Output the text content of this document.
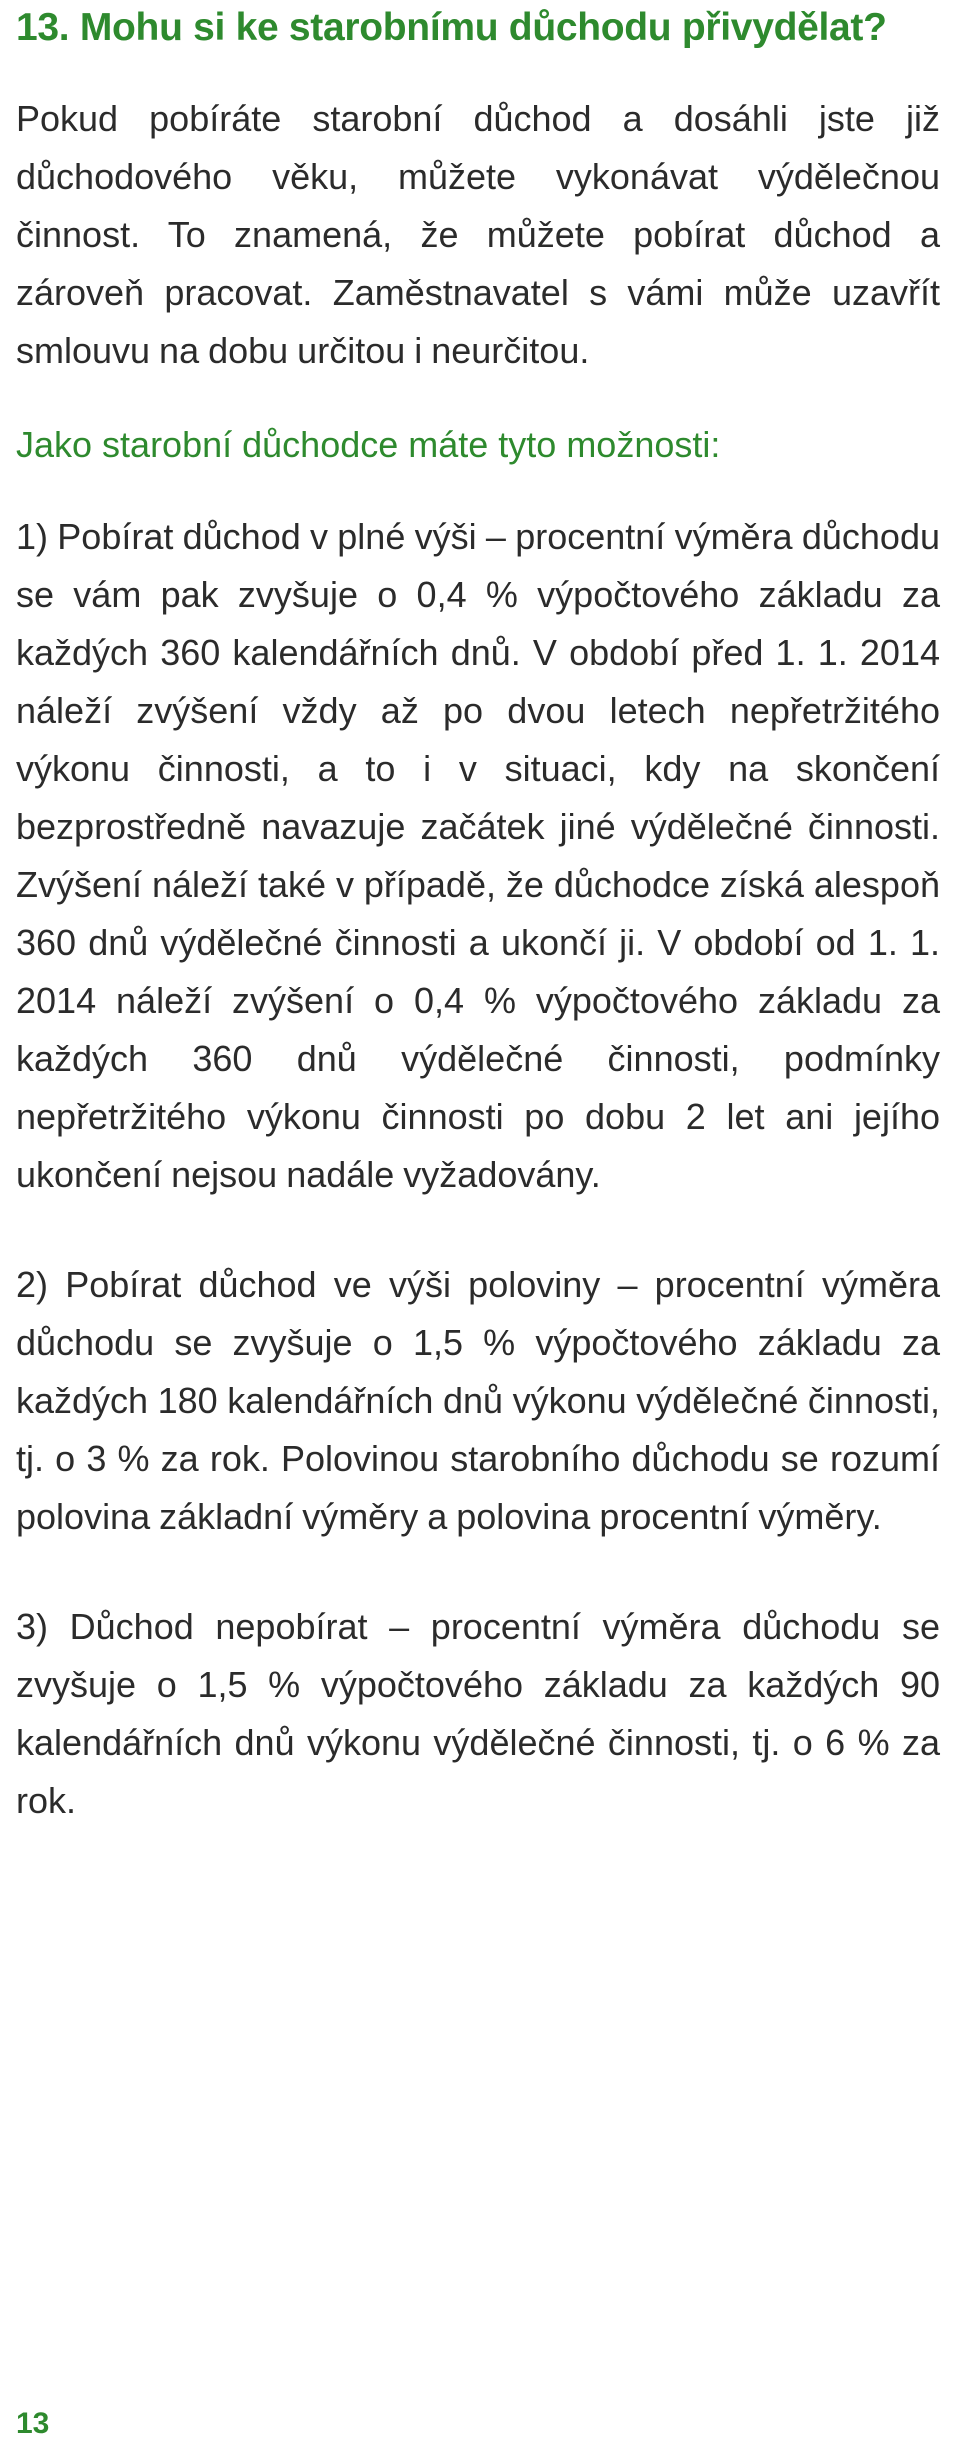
13. Mohu si ke starobnímu důchodu přivydělat?

Pokud pobíráte starobní důchod a dosáhli jste již důchodového věku, můžete vykonávat výdělečnou činnost. To znamená, že můžete pobírat důchod a zároveň pracovat. Zaměstnavatel s vámi může uzavřít smlouvu na dobu určitou i neurčitou.

Jako starobní důchodce máte tyto možnosti:

1) Pobírat důchod v plné výši – procentní výměra důchodu se vám pak zvyšuje o 0,4 % výpočtového základu za každých 360 kalendářních dnů. V období před 1. 1. 2014 náleží zvýšení vždy až po dvou letech nepřetržitého výkonu činnosti, a to i v situaci, kdy na skončení bezprostředně navazuje začátek jiné výdělečné činnosti. Zvýšení náleží také v případě, že důchodce získá alespoň 360 dnů výdělečné činnosti a ukončí ji. V období od 1. 1. 2014 náleží zvýšení o 0,4 % výpočtového základu za každých 360 dnů výdělečné činnosti, podmínky nepřetržitého výkonu činnosti po dobu 2 let ani jejího ukončení nejsou nadále vyžadovány.

2) Pobírat důchod ve výši poloviny – procentní výměra důchodu se zvyšuje o 1,5 % výpočtového základu za každých 180 kalendářních dnů výkonu výdělečné činnosti, tj. o 3 % za rok. Polovinou starobního důchodu se rozumí polovina základní výměry a polovina procentní výměry.

3) Důchod nepobírat – procentní výměra důchodu se zvyšuje o 1,5 % výpočtového základu za každých 90 kalendářních dnů výkonu výdělečné činnosti, tj. o 6 % za rok.

13
